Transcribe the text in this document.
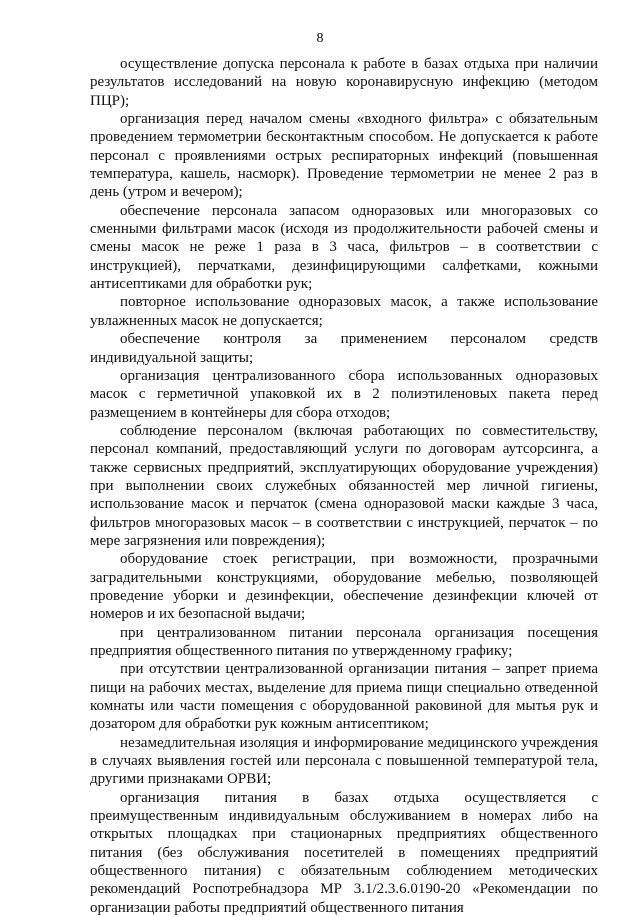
8

осуществление допуска персонала к работе в базах отдыха при наличии результатов исследований на новую коронавирусную инфекцию (методом ПЦР);

организация перед началом смены «входного фильтра» с обязательным проведением термометрии бесконтактным способом. Не допускается к работе персонал с проявлениями острых респираторных инфекций (повышенная температура, кашель, насморк). Проведение термометрии не менее 2 раз в день (утром и вечером);

обеспечение персонала запасом одноразовых или многоразовых со сменными фильтрами масок (исходя из продолжительности рабочей смены и смены масок не реже 1 раза в 3 часа, фильтров – в соответствии с инструкцией), перчатками, дезинфицирующими салфетками, кожными антисептиками для обработки рук;

повторное использование одноразовых масок, а также использование увлажненных масок не допускается;

обеспечение контроля за применением персоналом средств индивидуальной защиты;

организация централизованного сбора использованных одноразовых масок с герметичной упаковкой их в 2 полиэтиленовых пакета перед размещением в контейнеры для сбора отходов;

соблюдение персоналом (включая работающих по совместительству, персонал компаний, предоставляющий услуги по договорам аутсорсинга, а также сервисных предприятий, эксплуатирующих оборудование учреждения) при выполнении своих служебных обязанностей мер личной гигиены, использование масок и перчаток (смена одноразовой маски каждые 3 часа, фильтров многоразовых масок – в соответствии с инструкцией, перчаток – по мере загрязнения или повреждения);

оборудование стоек регистрации, при возможности, прозрачными заградительными конструкциями, оборудование мебелью, позволяющей проведение уборки и дезинфекции, обеспечение дезинфекции ключей от номеров и их безопасной выдачи;

при централизованном питании персонала организация посещения предприятия общественного питания по утвержденному графику;

при отсутствии централизованной организации питания – запрет приема пищи на рабочих местах, выделение для приема пищи специально отведенной комнаты или части помещения с оборудованной раковиной для мытья рук и дозатором для обработки рук кожным антисептиком;

незамедлительная изоляция и информирование медицинского учреждения в случаях выявления гостей или персонала с повышенной температурой тела, другими признаками ОРВИ;

организация питания в базах отдыха осуществляется с преимущественным индивидуальным обслуживанием в номерах либо на открытых площадках при стационарных предприятиях общественного питания (без обслуживания посетителей в помещениях предприятий общественного питания) с обязательным соблюдением методических рекомендаций Роспотребнадзора МР 3.1/2.3.6.0190-20 «Рекомендации по организации работы предприятий общественного питания
